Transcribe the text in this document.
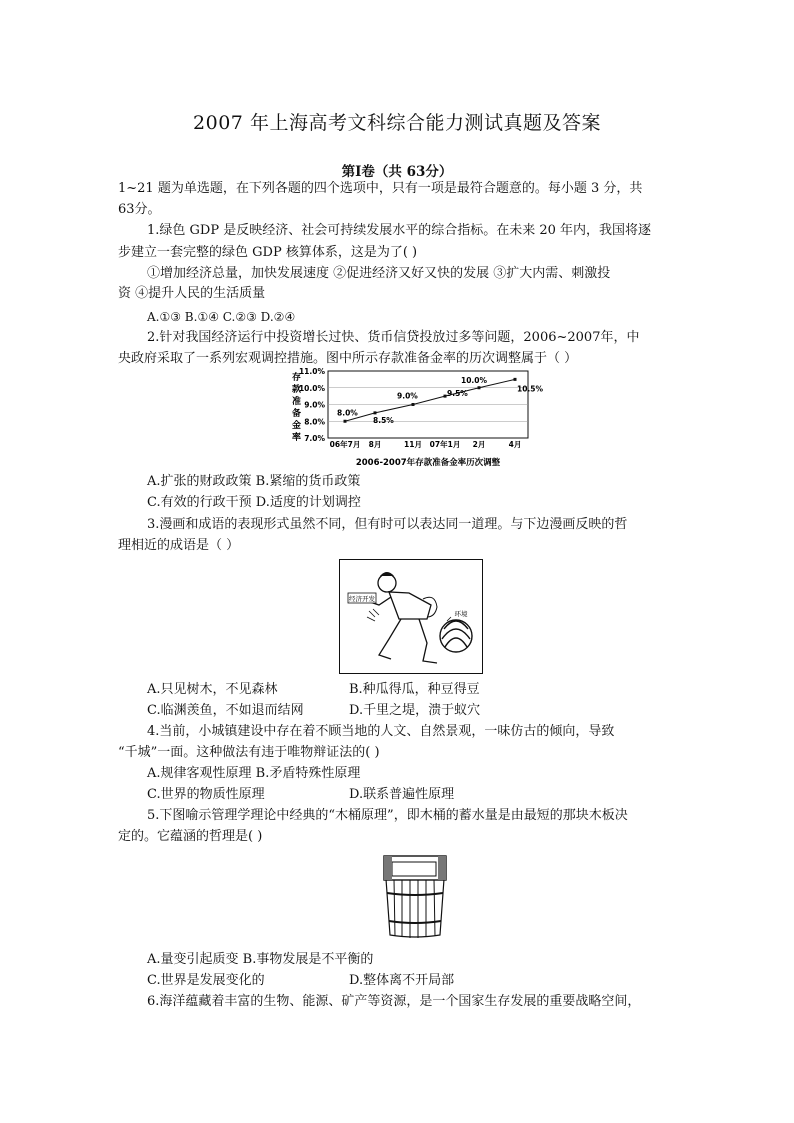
2007 年上海高考文科综合能力测试真题及答案
第Ⅰ卷（共 63分）
1~21 题为单选题，在下列各题的四个选项中，只有一项是最符合题意的。每小题 3 分，共
63分。
1.绿色 GDP 是反映经济、社会可持续发展水平的综合指标。在未来 20 年内，我国将逐
步建立一套完整的绿色 GDP 核算体系，这是为了( )
①增加经济总量，加快发展速度 ②促进经济又好又快的发展 ③扩大内需、刺激投
资 ④提升人民的生活质量
A.①③ B.①④ C.②③ D.②④
2.针对我国经济运行中投资增长过快、货币信贷投放过多等问题，2006~2007年，中
央政府采取了一系列宏观调控措施。图中所示存款准备金率的历次调整属于（ ）
7.0%
8.0%
9.0%
10.0%
11.0%
存
款
准
备
金
率
8.0%
8.5%
9.0%	9.5%
10.0%
10.5%
06年7月 8月	11月 07年1月 2月	4月
2006-2007年存款准备金率历次调整
A.扩张的财政政策 B.紧缩的货币政策
C.有效的行政干预 D.适度的计划调控
3.漫画和成语的表现形式虽然不同，但有时可以表达同一道理。与下边漫画反映的哲
理相近的成语是（ ）
经济开发
环境
A.只见树木，不见森林	B.种瓜得瓜，种豆得豆
C.临渊羡鱼，不如退而结网	D.千里之堤，溃于蚁穴
4.当前，小城镇建设中存在着不顾当地的人文、自然景观，一味仿古的倾向，导致
“千城”一面。这种做法有违于唯物辩证法的( )
A.规律客观性原理 B.矛盾特殊性原理
C.世界的物质性原理	D.联系普遍性原理
5.下图喻示管理学理论中经典的“木桶原理”，即木桶的蓄水量是由最短的那块木板决
定的。它蕴涵的哲理是( )
A.量变引起质变 B.事物发展是不平衡的
C.世界是发展变化的	D.整体离不开局部
6.海洋蕴藏着丰富的生物、能源、矿产等资源，是一个国家生存发展的重要战略空间，
